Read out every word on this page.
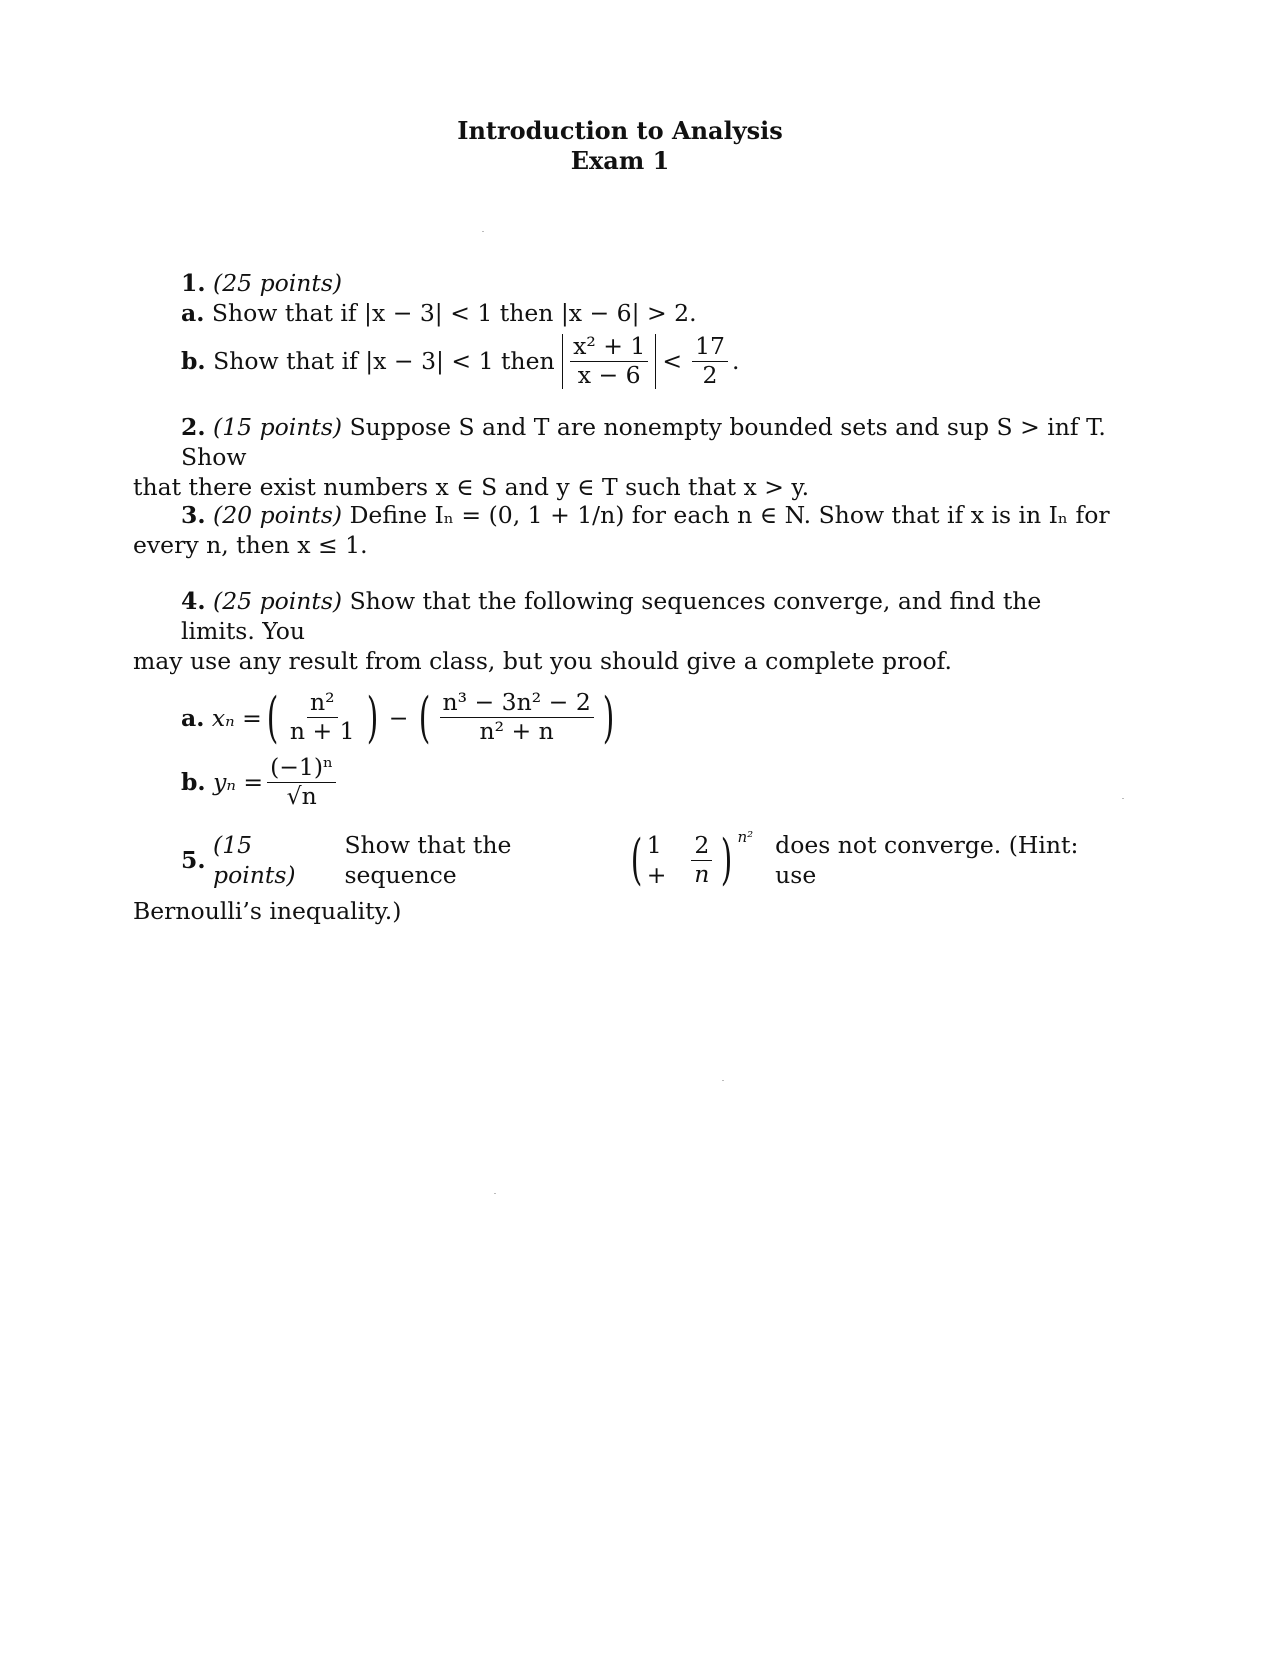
Introduction to Analysis
Exam 1
1. (25 points)
a. Show that if |x − 3| < 1 then |x − 6| > 2.
b.
Show that if |x − 3| < 1 then
$\frac{\text{x² + 1}}{x - 6} < \frac{17}{2}$ .
2. (15 points) Suppose S and T are nonempty bounded sets and sup S > inf T. Show
that there exist numbers x ∈ S and y ∈ T such that x > y.
3. (20 points) Define Iₙ = (0, 1 + 1/n) for each n ∈ N. Show that if x is in Iₙ for
every n, then x ≤ 1.
4. (25 points) Show that the following sequences converge, and find the limits. You
may use any result from class, but you should give a complete proof.
a.
xₙ = ( $\frac{\text{n²}}{n + 1}$ ) − ( $\frac{\text{n³ − 3n² − 2}}{\text{n² + n}}$ )
b.
$y_n = \frac{\text{(−1)ⁿ}}{√n}$
5.

(15 points)

Show that the sequence	( 1 +	$\frac{2}{n}$ ) n² does not converge. (Hint: use
Bernoulli’s inequality.)
